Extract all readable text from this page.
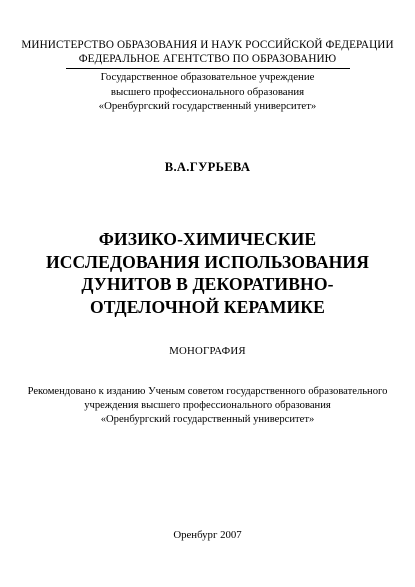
МИНИСТЕРСТВО ОБРАЗОВАНИЯ И НАУК РОССИЙСКОЙ ФЕДЕРАЦИИ
ФЕДЕРАЛЬНОЕ АГЕНТСТВО ПО ОБРАЗОВАНИЮ
Государственное образовательное учреждение
высшего профессионального образования
«Оренбургский государственный университет»
В.А.ГУРЬЕВА
ФИЗИКО-ХИМИЧЕСКИЕ
ИССЛЕДОВАНИЯ ИСПОЛЬЗОВАНИЯ
ДУНИТОВ В ДЕКОРАТИВНО-
ОТДЕЛОЧНОЙ КЕРАМИКЕ
МОНОГРАФИЯ
Рекомендовано к изданию Ученым советом государственного образовательного
учреждения высшего профессионального образования
«Оренбургский государственный университет»
Оренбург 2007
